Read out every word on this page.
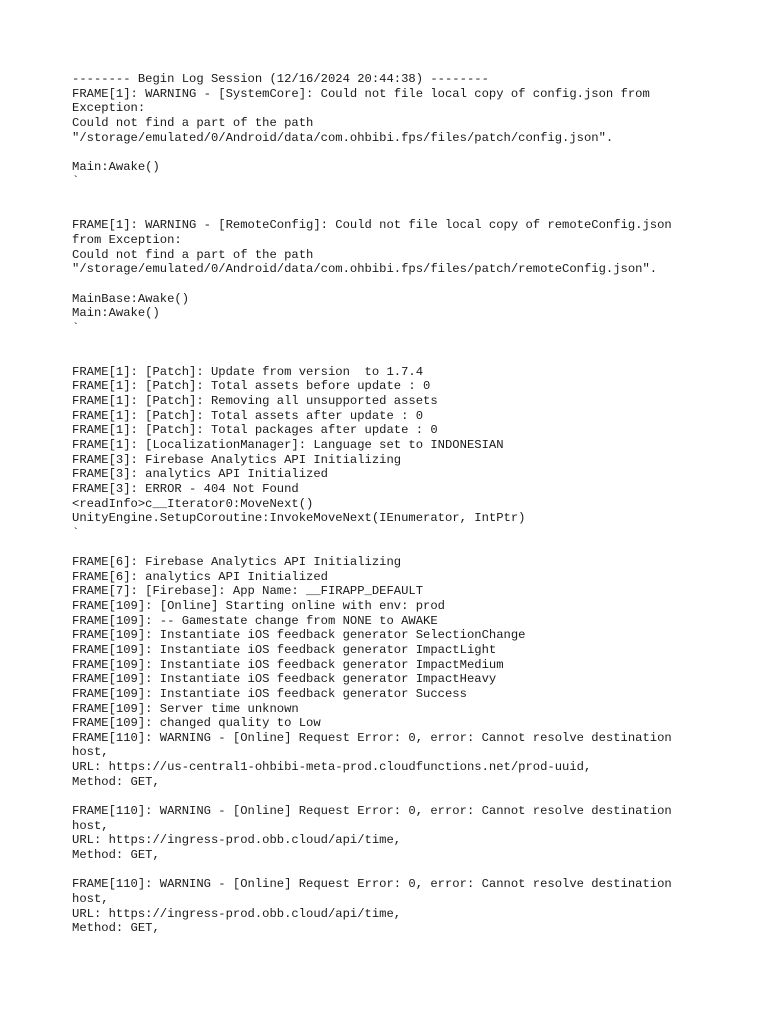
-------- Begin Log Session (12/16/2024 20:44:38) --------
FRAME[1]: WARNING - [SystemCore]: Could not file local copy of config.json from
Exception:
Could not find a part of the path
"/storage/emulated/0/Android/data/com.ohbibi.fps/files/patch/config.json".
Main:Awake()
`
FRAME[1]: WARNING - [RemoteConfig]: Could not file local copy of remoteConfig.json
from Exception:
Could not find a part of the path
"/storage/emulated/0/Android/data/com.ohbibi.fps/files/patch/remoteConfig.json".
MainBase:Awake()
Main:Awake()
`
FRAME[1]: [Patch]: Update from version  to 1.7.4
FRAME[1]: [Patch]: Total assets before update : 0
FRAME[1]: [Patch]: Removing all unsupported assets
FRAME[1]: [Patch]: Total assets after update : 0
FRAME[1]: [Patch]: Total packages after update : 0
FRAME[1]: [LocalizationManager]: Language set to INDONESIAN
FRAME[3]: Firebase Analytics API Initializing
FRAME[3]: analytics API Initialized
FRAME[3]: ERROR - 404 Not Found
<readInfo>c__Iterator0:MoveNext()
UnityEngine.SetupCoroutine:InvokeMoveNext(IEnumerator, IntPtr)
`
FRAME[6]: Firebase Analytics API Initializing
FRAME[6]: analytics API Initialized
FRAME[7]: [Firebase]: App Name: __FIRAPP_DEFAULT
FRAME[109]: [Online] Starting online with env: prod
FRAME[109]: -- Gamestate change from NONE to AWAKE
FRAME[109]: Instantiate iOS feedback generator SelectionChange
FRAME[109]: Instantiate iOS feedback generator ImpactLight
FRAME[109]: Instantiate iOS feedback generator ImpactMedium
FRAME[109]: Instantiate iOS feedback generator ImpactHeavy
FRAME[109]: Instantiate iOS feedback generator Success
FRAME[109]: Server time unknown
FRAME[109]: changed quality to Low
FRAME[110]: WARNING - [Online] Request Error: 0, error: Cannot resolve destination
host,
URL: https://us-central1-ohbibi-meta-prod.cloudfunctions.net/prod-uuid,
Method: GET,
FRAME[110]: WARNING - [Online] Request Error: 0, error: Cannot resolve destination
host,
URL: https://ingress-prod.obb.cloud/api/time,
Method: GET,
FRAME[110]: WARNING - [Online] Request Error: 0, error: Cannot resolve destination
host,
URL: https://ingress-prod.obb.cloud/api/time,
Method: GET,
